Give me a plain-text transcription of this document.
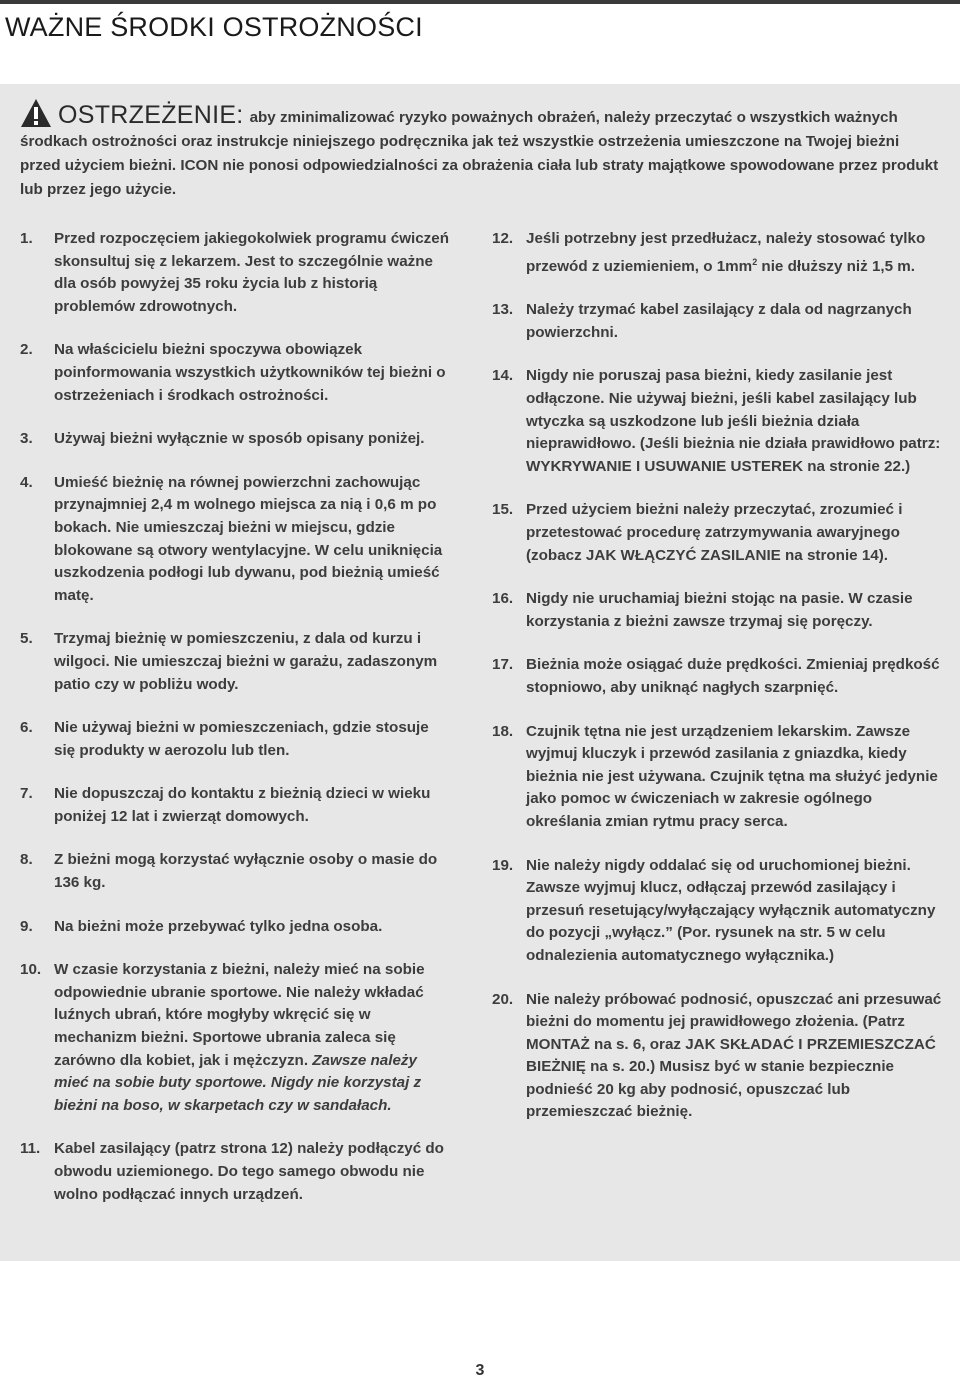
WAŻNE ŚRODKI OSTROŻNOŚCI
OSTRZEŻENIE: aby zminimalizować ryzyko poważnych obrażeń, należy przeczytać o wszystkich ważnych środkach ostrożności oraz instrukcje niniejszego podręcznika jak też wszystkie ostrzeżenia umieszczone na Twojej bieżni przed użyciem bieżni. ICON nie ponosi odpowiedzialności za obrażenia ciała lub straty majątkowe spowodowane przez produkt lub przez jego użycie.
1. Przed rozpoczęciem jakiegokolwiek programu ćwiczeń skonsultuj się z lekarzem. Jest to szczególnie ważne dla osób powyżej 35 roku życia lub z historią problemów zdrowotnych.
2. Na właścicielu bieżni spoczywa obowiązek poinformowania wszystkich użytkowników tej bieżni o ostrzeżeniach i środkach ostrożności.
3. Używaj bieżni wyłącznie w sposób opisany poniżej.
4. Umieść bieżnię na równej powierzchni zachowując przynajmniej 2,4 m wolnego miejsca za nią i 0,6 m po bokach. Nie umieszczaj bieżni w miejscu, gdzie blokowane są otwory wentylacyjne. W celu uniknięcia uszkodzenia podłogi lub dywanu, pod bieżnią umieść matę.
5. Trzymaj bieżnię w pomieszczeniu, z dala od kurzu i wilgoci. Nie umieszczaj bieżni w garażu, zadaszonym patio czy w pobliżu wody.
6. Nie używaj bieżni w pomieszczeniach, gdzie stosuje się produkty w aerozolu lub tlen.
7. Nie dopuszczaj do kontaktu z bieżnią dzieci w wieku poniżej 12 lat i zwierząt domowych.
8. Z bieżni mogą korzystać wyłącznie osoby o masie do 136 kg.
9. Na bieżni może przebywać tylko jedna osoba.
10. W czasie korzystania z bieżni, należy mieć na sobie odpowiednie ubranie sportowe. Nie należy wkładać luźnych ubrań, które mogłyby wkręcić się w mechanizm bieżni. Sportowe ubrania zaleca się zarówno dla kobiet, jak i mężczyzn. Zawsze należy mieć na sobie buty sportowe. Nigdy nie korzystaj z bieżni na boso, w skarpetach czy w sandałach.
11. Kabel zasilający (patrz strona 12) należy podłączyć do obwodu uziemionego. Do tego samego obwodu nie wolno podłączać innych urządzeń.
12. Jeśli potrzebny jest przedłużacz, należy stosować tylko przewód z uziemieniem, o $1mm^2$ nie dłuższy niż 1,5 m.
13. Należy trzymać kabel zasilający z dala od nagrzanych powierzchni.
14. Nigdy nie poruszaj pasa bieżni, kiedy zasilanie jest odłączone. Nie używaj bieżni, jeśli kabel zasilający lub wtyczka są uszkodzone lub jeśli bieżnia działa nieprawidłowo. (Jeśli bieżnia nie działa prawidłowo patrz: WYKRYWANIE I USUWANIE USTEREK na stronie 22.)
15. Przed użyciem bieżni należy przeczytać, zrozumieć i przetestować procedurę zatrzymywania awaryjnego (zobacz JAK WŁĄCZYĆ ZASILANIE na stronie 14).
16. Nigdy nie uruchamiaj bieżni stojąc na pasie. W czasie korzystania z bieżni zawsze trzymaj się poręczy.
17. Bieżnia może osiągać duże prędkości. Zmieniaj prędkość stopniowo, aby uniknąć nagłych szarpnięć.
18. Czujnik tętna nie jest urządzeniem lekarskim. Zawsze wyjmuj kluczyk i przewód zasilania z gniazdka, kiedy bieżnia nie jest używana. Czujnik tętna ma służyć jedynie jako pomoc w ćwiczeniach w zakresie ogólnego określania zmian rytmu pracy serca.
19. Nie należy nigdy oddalać się od uruchomionej bieżni. Zawsze wyjmuj klucz, odłączaj przewód zasilający i przesuń resetujący/wyłączający wyłącznik automatyczny do pozycji „wyłącz.” (Por. rysunek na str. 5 w celu odnalezienia automatycznego wyłącznika.)
20. Nie należy próbować podnosić, opuszczać ani przesuwać bieżni do momentu jej prawidłowego złożenia. (Patrz MONTAŻ na s. 6, oraz JAK SKŁADAĆ I PRZEMIESZCZAĆ BIEŻNIĘ na s. 20.) Musisz być w stanie bezpiecznie podnieść 20 kg aby podnosić, opuszczać lub przemieszczać bieżnię.
3
